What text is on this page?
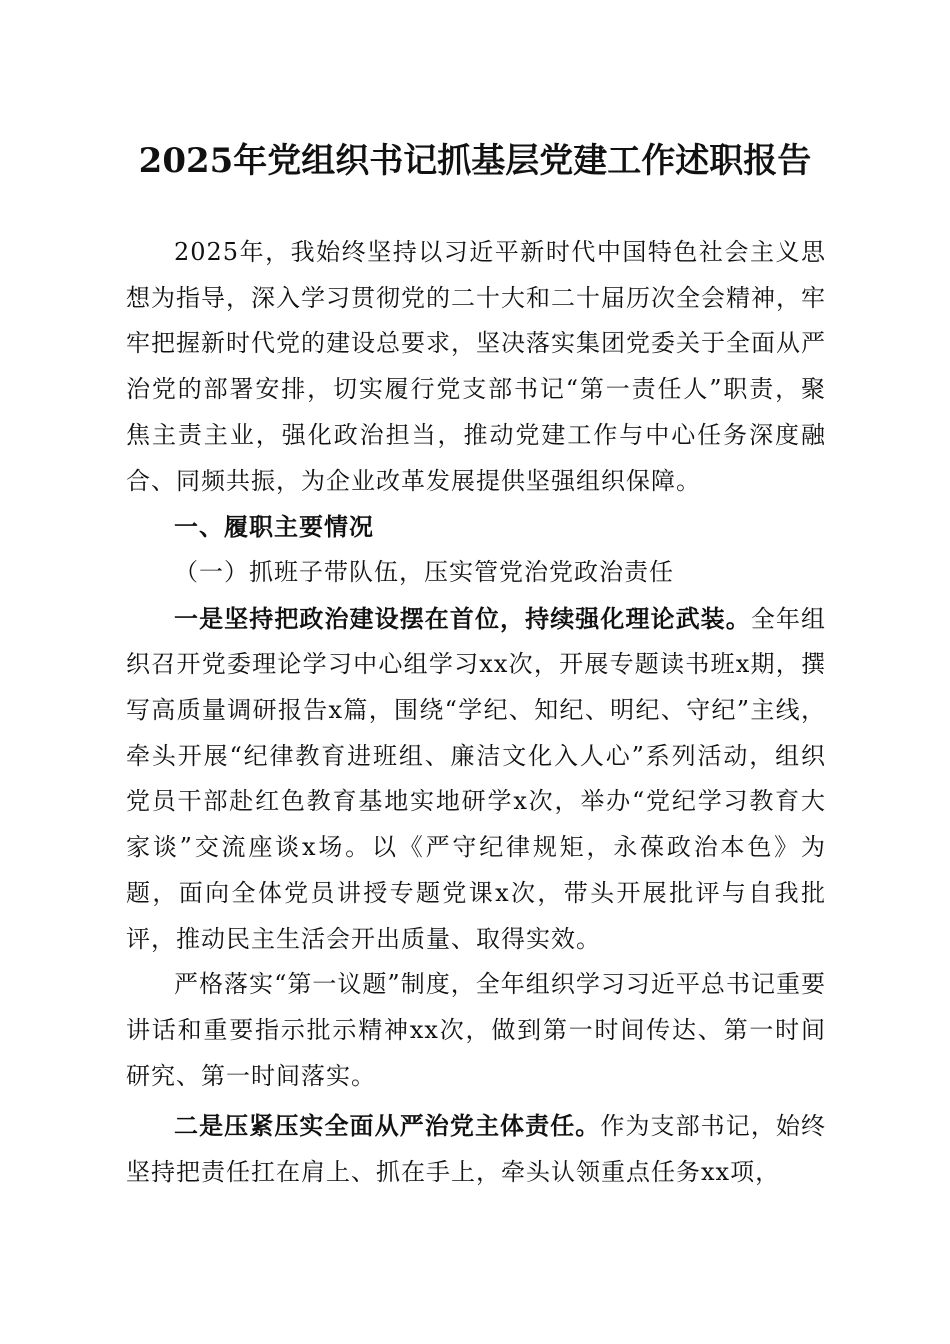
2025年党组织书记抓基层党建工作述职报告

2025年，我始终坚持以习近平新时代中国特色社会主义思想为指导，深入学习贯彻党的二十大和二十届历次全会精神，牢牢把握新时代党的建设总要求，坚决落实集团党委关于全面从严治党的部署安排，切实履行党支部书记“第一责任人”职责，聚焦主责主业，强化政治担当，推动党建工作与中心任务深度融合、同频共振，为企业改革发展提供坚强组织保障。

一、履职主要情况

（一）抓班子带队伍，压实管党治党政治责任

一是坚持把政治建设摆在首位，持续强化理论武装。全年组织召开党委理论学习中心组学习xx次，开展专题读书班x期，撰写高质量调研报告x篇，围绕“学纪、知纪、明纪、守纪”主线，牵头开展“纪律教育进班组、廉洁文化入人心”系列活动，组织党员干部赴红色教育基地实地研学x次，举办“党纪学习教育大家谈”交流座谈x场。以《严守纪律规矩，永葆政治本色》为题，面向全体党员讲授专题党课x次，带头开展批评与自我批评，推动民主生活会开出质量、取得实效。

严格落实“第一议题”制度，全年组织学习习近平总书记重要讲话和重要指示批示精神xx次，做到第一时间传达、第一时间研究、第一时间落实。

二是压紧压实全面从严治党主体责任。作为支部书记，始终坚持把责任扛在肩上、抓在手上，牵头认领重点任务xx项，
